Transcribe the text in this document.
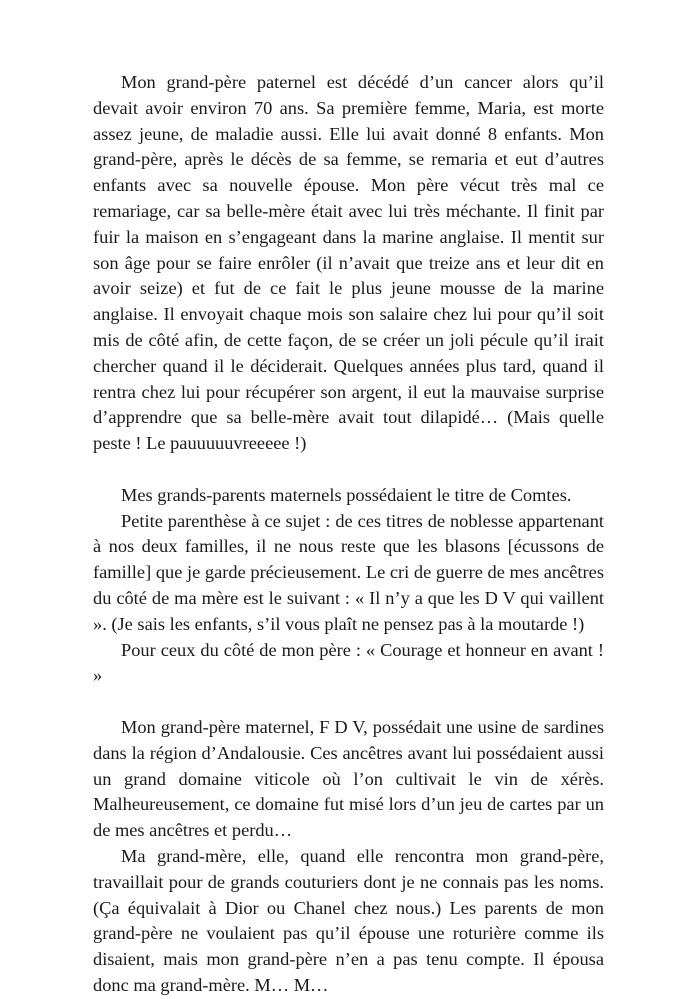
Mon grand-père paternel est décédé d’un cancer alors qu’il devait avoir environ 70 ans. Sa première femme, Maria, est morte assez jeune, de maladie aussi. Elle lui avait donné 8 enfants. Mon grand-père, après le décès de sa femme, se remaria et eut d’autres enfants avec sa nouvelle épouse. Mon père vécut très mal ce remariage, car sa belle-mère était avec lui très méchante. Il finit par fuir la maison en s’engageant dans la marine anglaise. Il mentit sur son âge pour se faire enrôler (il n’avait que treize ans et leur dit en avoir seize) et fut de ce fait le plus jeune mousse de la marine anglaise. Il envoyait chaque mois son salaire chez lui pour qu’il soit mis de côté afin, de cette façon, de se créer un joli pécule qu’il irait chercher quand il le déciderait. Quelques années plus tard, quand il rentra chez lui pour récupérer son argent, il eut la mauvaise surprise d’apprendre que sa belle-mère avait tout dilapidé… (Mais quelle peste ! Le pauuuuuvreeeee !)

Mes grands-parents maternels possédaient le titre de Comtes.

Petite parenthèse à ce sujet : de ces titres de noblesse appartenant à nos deux familles, il ne nous reste que les blasons [écussons de famille] que je garde précieusement. Le cri de guerre de mes ancêtres du côté de ma mère est le suivant : « Il n’y a que les D V qui vaillent ». (Je sais les enfants, s’il vous plaît ne pensez pas à la moutarde !)

Pour ceux du côté de mon père : « Courage et honneur en avant ! »

Mon grand-père maternel, F D V, possédait une usine de sardines dans la région d’Andalousie. Ces ancêtres avant lui possédaient aussi un grand domaine viticole où l’on cultivait le vin de xérès. Malheureusement, ce domaine fut misé lors d’un jeu de cartes par un de mes ancêtres et perdu…

Ma grand-mère, elle, quand elle rencontra mon grand-père, travaillait pour de grands couturiers dont je ne connais pas les noms. (Ça équivalait à Dior ou Chanel chez nous.) Les parents de mon grand-père ne voulaient pas qu’il épouse une roturière comme ils disaient, mais mon grand-père n’en a pas tenu compte. Il épousa donc ma grand-mère. M… M…
